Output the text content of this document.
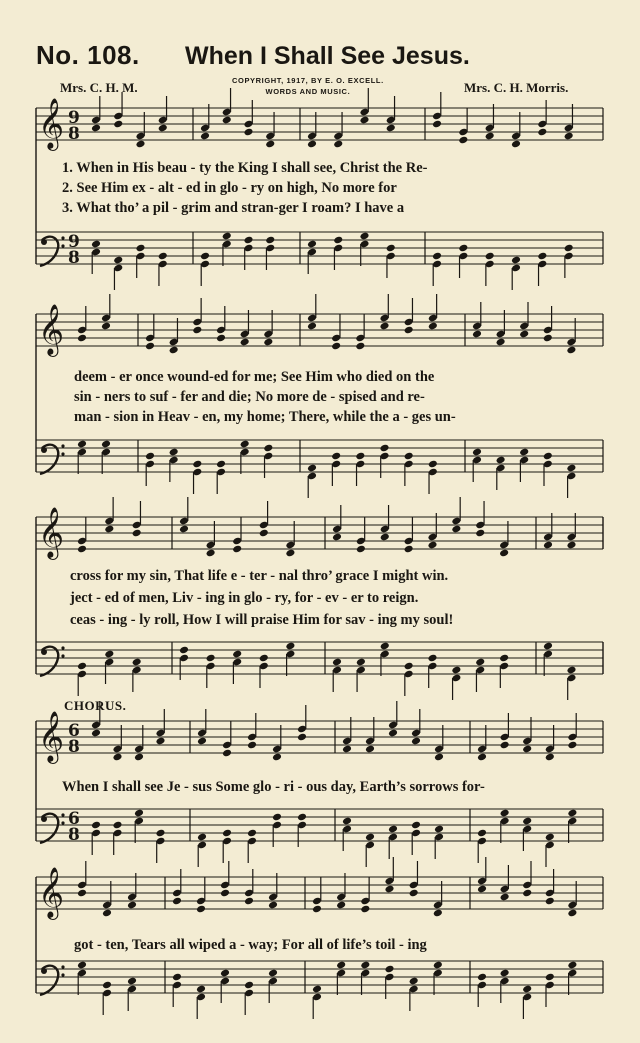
No. 108. When I Shall See Jesus.
Mrs. C. H. M.	COPYRIGHT, 1917, BY E. O. EXCELL.
WORDS AND MUSIC.	Mrs. C. H. Morris.
𝄞 9
8
9
8
𝄞
𝄞
𝄞 6
8
6
8
𝄞
1. When in His beau - ty the King I shall see, Christ the Re-
2. See Him ex - alt - ed in glo - ry on high, No more for
3. What tho’ a pil - grim and stran-ger I roam? I have a
deem - er once wound-ed for me; See Him who died on the
sin - ners to suf - fer and die; No more de - spised and re-
man - sion in Heav - en, my home; There, while the a - ges un-
cross for my sin, That life e - ter - nal thro’ grace I might win.
ject - ed of men, Liv - ing in glo - ry, for - ev - er to reign.
ceas - ing - ly roll, How I will praise Him for sav - ing my soul!
CHORUS.
When I shall see Je - sus Some glo - ri - ous day, Earth’s sorrows for-
got - ten, Tears all wiped a - way; For all of life’s toil - ing
